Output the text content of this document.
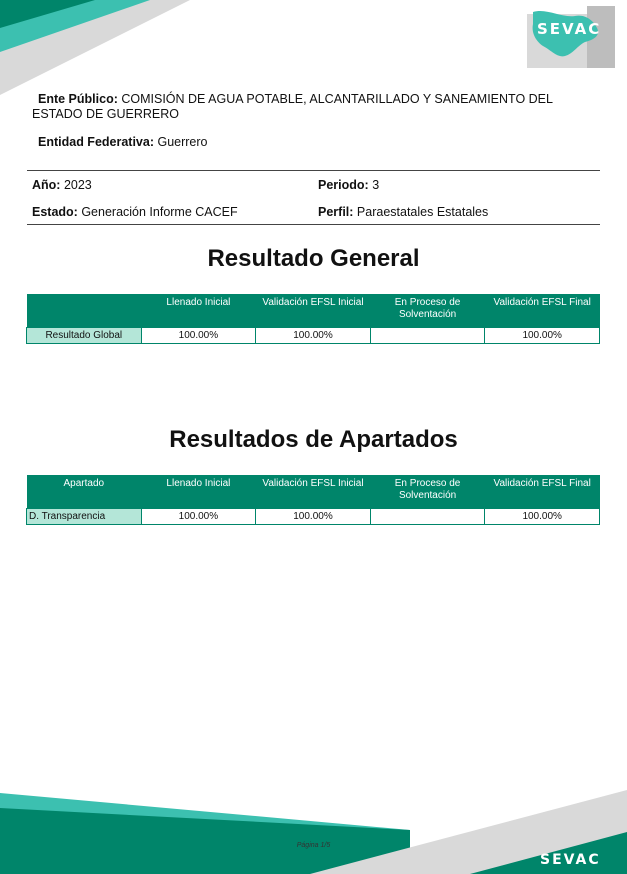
SEVAC
Ente Público: COMISIÓN DE AGUA POTABLE, ALCANTARILLADO Y SANEAMIENTO DEL
ESTADO DE GUERRERO
Entidad Federativa: Guerrero
Año: 2023	Periodo: 3
Estado: Generación Informe CACEF	Perfil: Paraestatales Estatales
Resultado General
	Llenado Inicial	Validación EFSL Inicial	En Proceso de Solventación	Validación EFSL Final
Resultado Global	100.00%	100.00%		100.00%
Resultados de Apartados
Apartado	Llenado Inicial	Validación EFSL Inicial	En Proceso de Solventación	Validación EFSL Final
D. Transparencia	100.00%	100.00%		100.00%
Página 1/5
SEVAC
